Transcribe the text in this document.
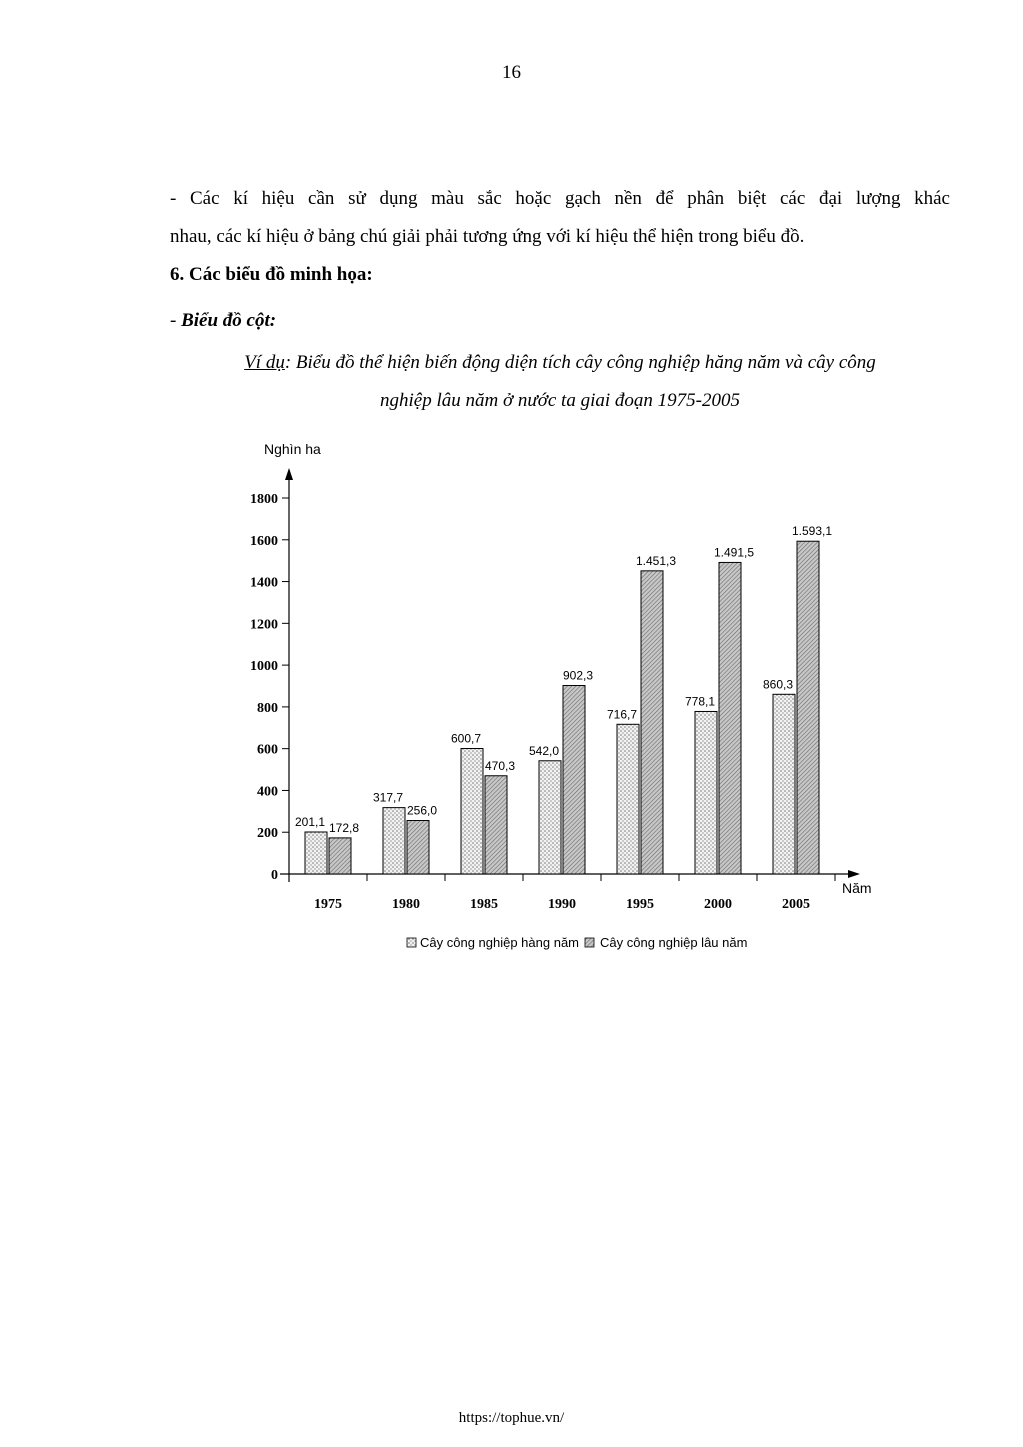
16
- Các kí hiệu cần sử dụng màu sắc hoặc gạch nền để phân biệt các đại lượng khác
nhau, các kí hiệu ở bảng chú giải phải tương ứng với kí hiệu thể hiện trong biểu đồ.
6. Các biểu đồ minh họa:
- Biểu đồ cột:
Ví dụ: Biểu đồ thể hiện biến động diện tích cây công nghiệp hăng năm và cây công
nghiệp lâu năm ở nước ta giai đoạn 1975-2005
Nghìn ha
Năm
0
200
400
600
800
1000
1200
1400
1600
1800
1975
201,1 172,8
1980
317,7
256,0
1985
600,7
470,3
1990
542,0
902,3
1995
716,7
1.451,3
2000
778,1
1.491,5
2005
860,3
1.593,1
Cây công nghiệp hàng năm Cây công nghiệp lâu năm
https://tophue.vn/
